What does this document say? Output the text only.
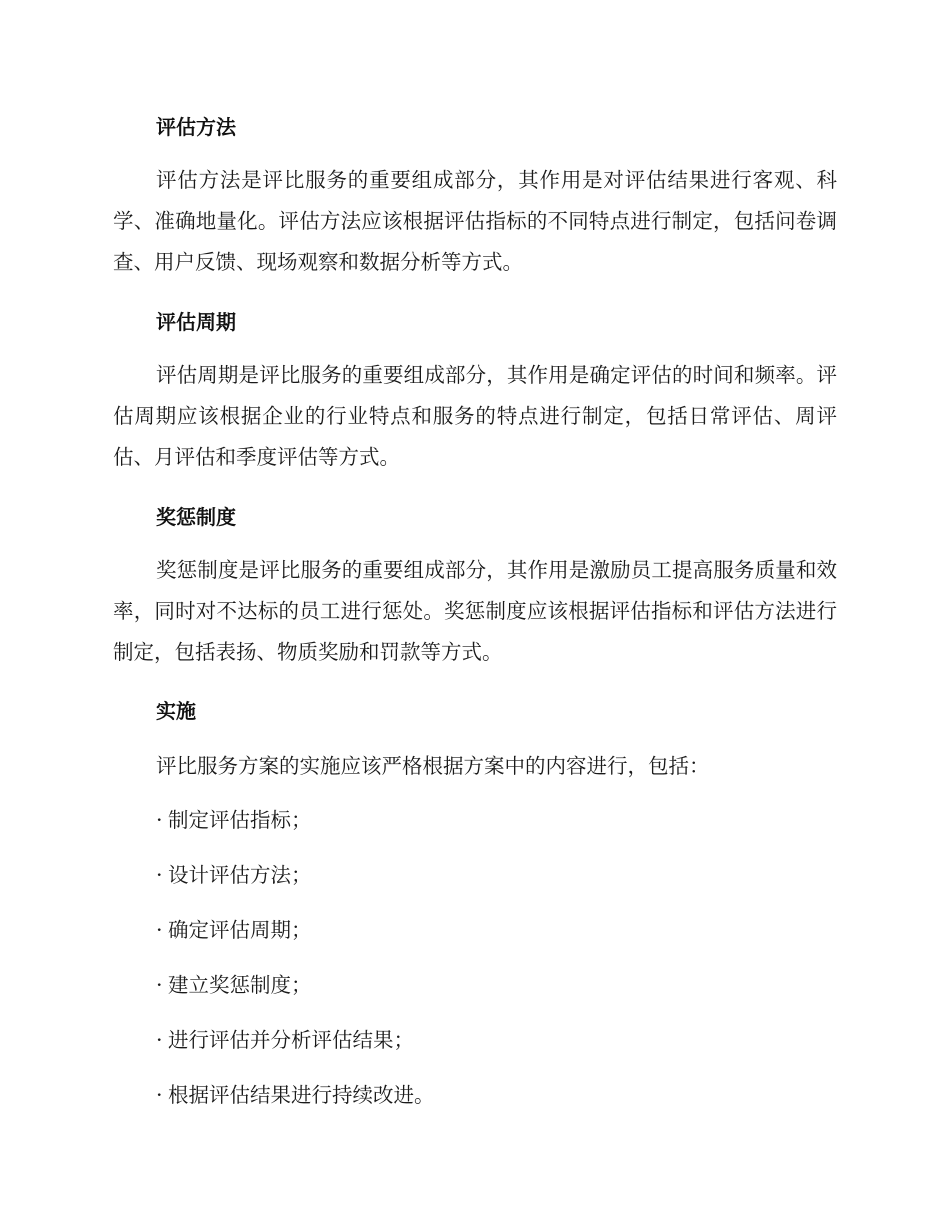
评估方法
评估方法是评比服务的重要组成部分，其作用是对评估结果进行客观、科学、准确地量化。评估方法应该根据评估指标的不同特点进行制定，包括问卷调查、用户反馈、现场观察和数据分析等方式。
评估周期
评估周期是评比服务的重要组成部分，其作用是确定评估的时间和频率。评估周期应该根据企业的行业特点和服务的特点进行制定，包括日常评估、周评估、月评估和季度评估等方式。
奖惩制度
奖惩制度是评比服务的重要组成部分，其作用是激励员工提高服务质量和效率，同时对不达标的员工进行惩处。奖惩制度应该根据评估指标和评估方法进行制定，包括表扬、物质奖励和罚款等方式。
实施
评比服务方案的实施应该严格根据方案中的内容进行，包括：
· 制定评估指标；
· 设计评估方法；
· 确定评估周期；
· 建立奖惩制度；
· 进行评估并分析评估结果；
· 根据评估结果进行持续改进。
